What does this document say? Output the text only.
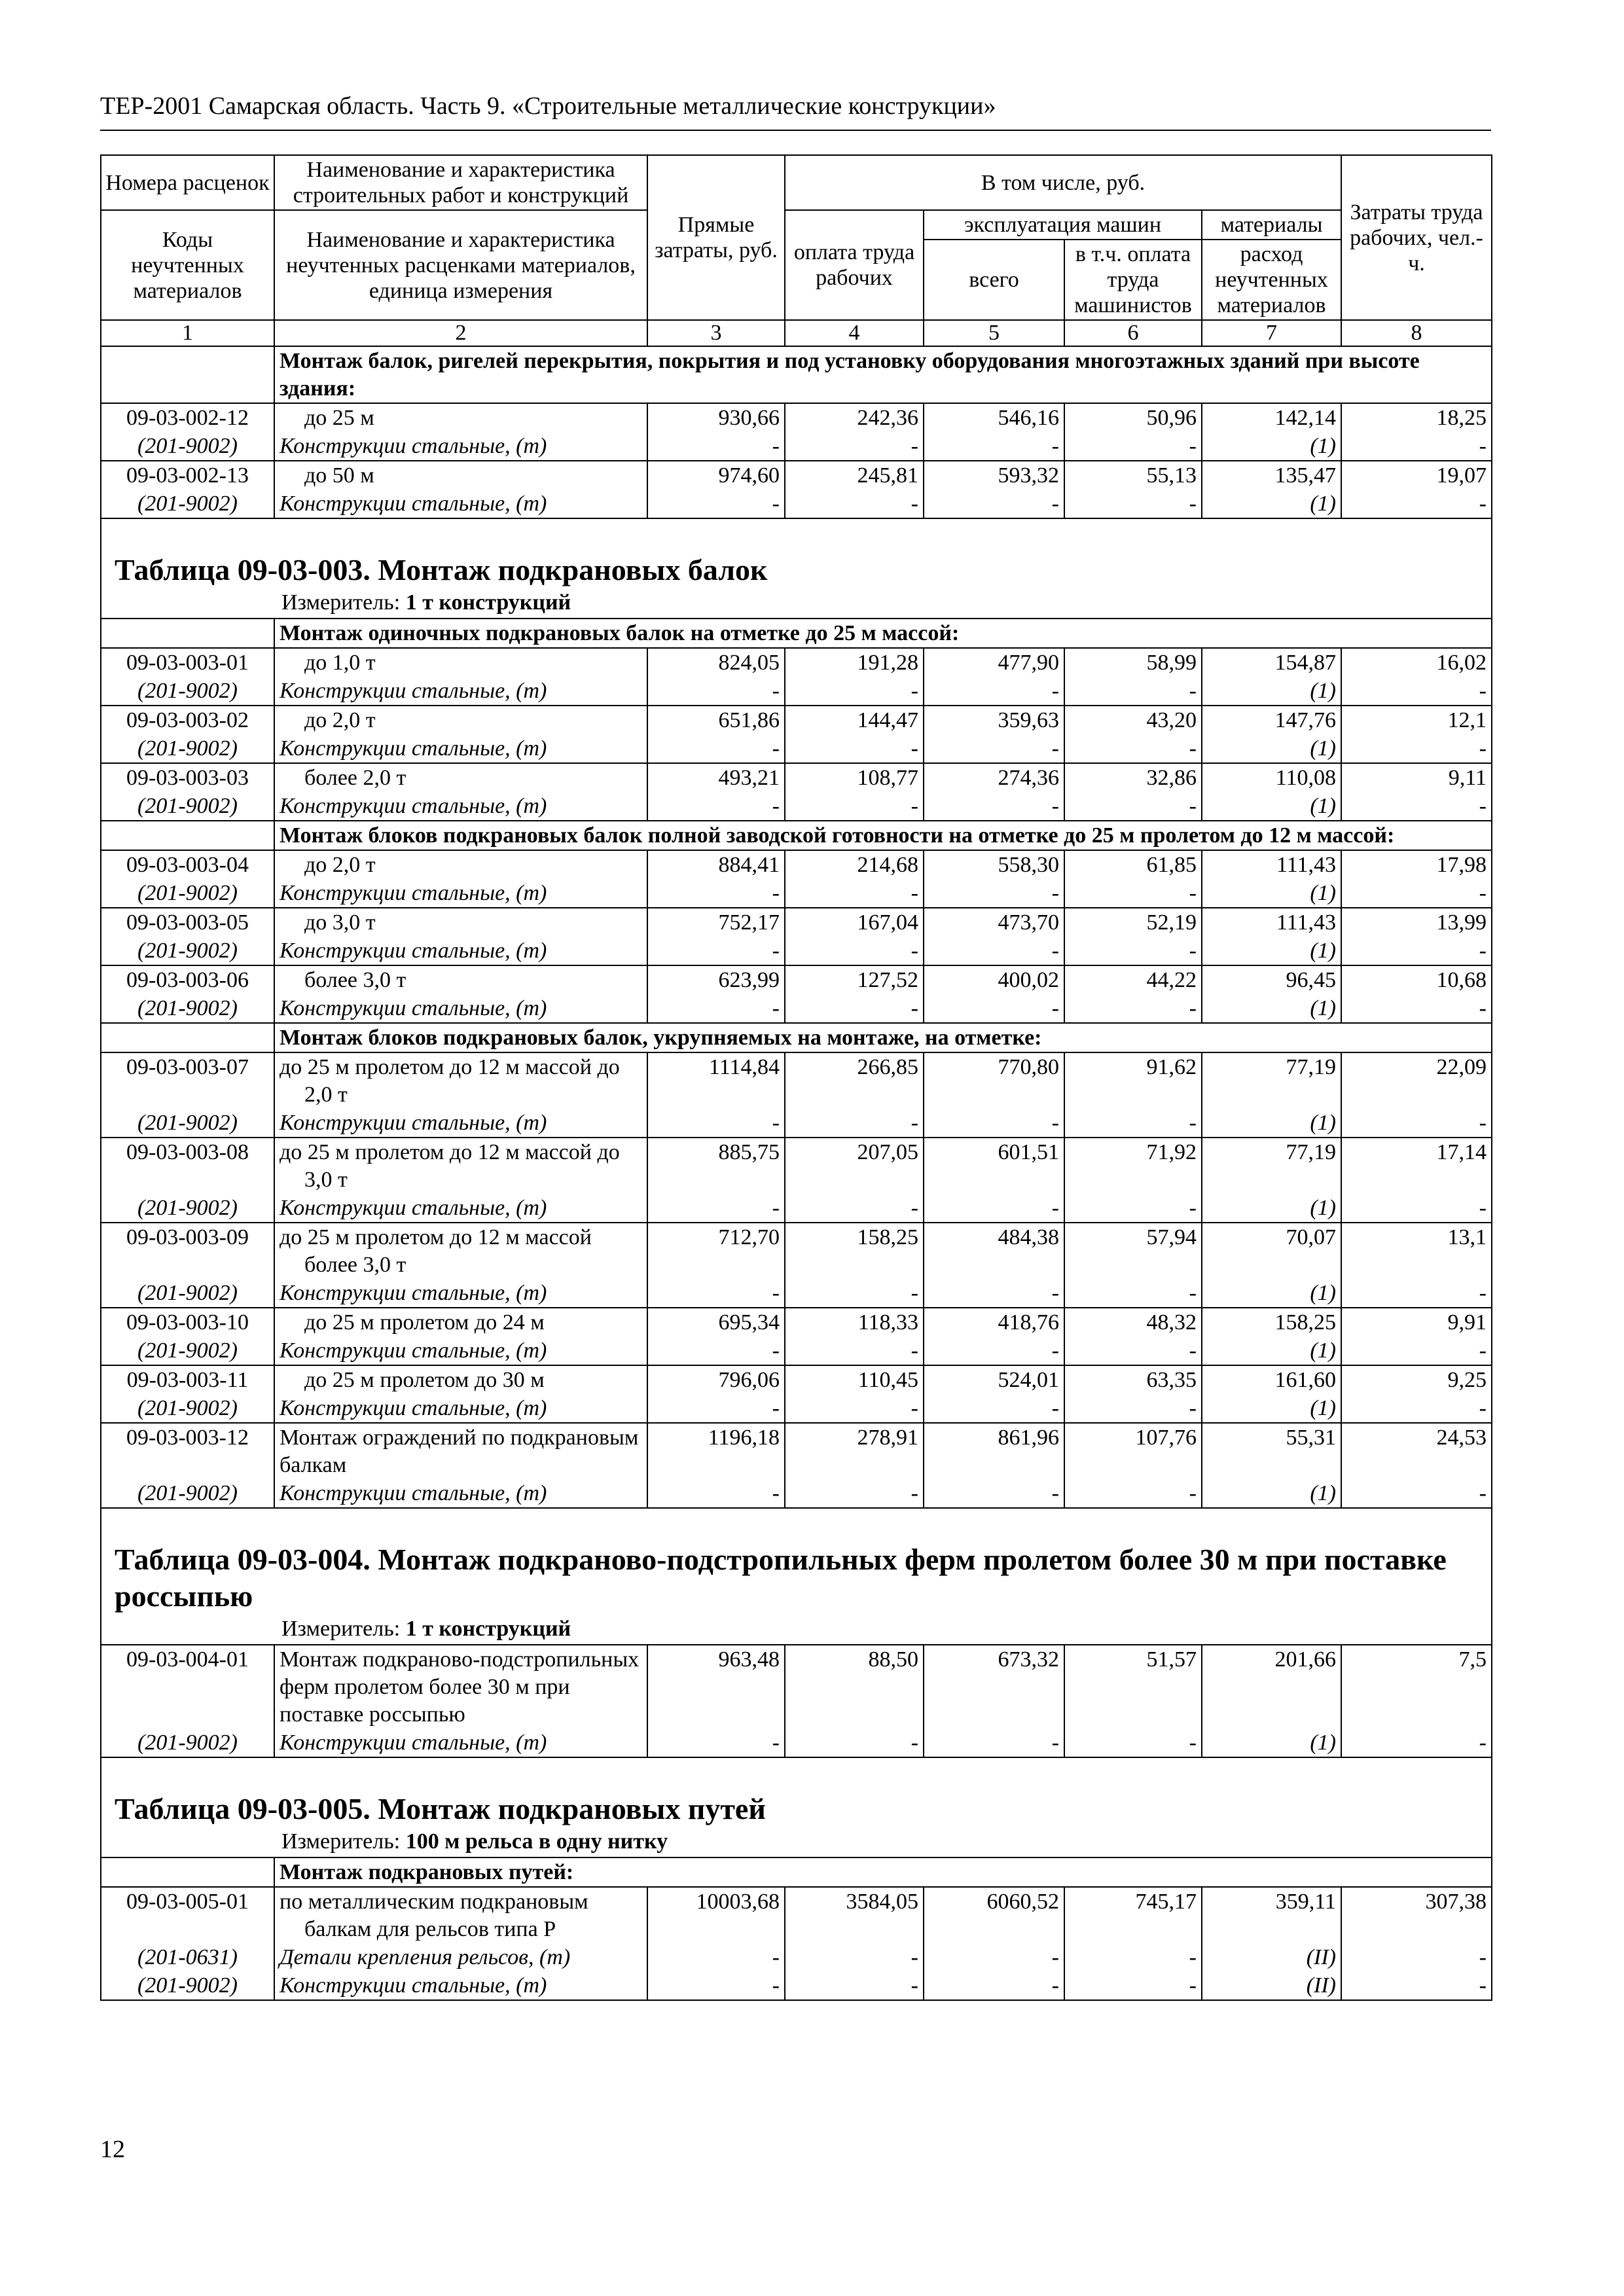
ТЕР-2001 Самарская область. Часть 9. «Строительные металлические конструкции»
Номера расценок	Наименование и характеристика строительных работ и конструкций	Прямые затраты, руб.	В том числе, руб.				Затраты труда рабочих, чел.-ч.
Коды неучтенных материалов	Наименование и характеристика неучтенных расценками материалов, единица измерения		оплата труда рабочих	эксплуатация машин		материалы	
				всего	в т.ч. оплата труда машинистов	расход неучтенных материалов	
1	2	3	4	5	6	7	8
	Монтаж балок, ригелей перекрытия, покрытия и под установку оборудования многоэтажных зданий при высоте здания:						
09-03-002-12	до 25 м	930,66	242,36	546,16	50,96	142,14	18,25
(201-9002)	Конструкции стальные, (т)	-	-	-	-	(1)	-
09-03-002-13	до 50 м	974,60	245,81	593,32	55,13	135,47	19,07
(201-9002)	Конструкции стальные, (т)	-	-	-	-	(1)	-
Таблица 09-03-003. Монтаж подкрановых балок							
Измеритель: 1 т конструкций							
	Монтаж одиночных подкрановых балок на отметке до 25 м массой:						
09-03-003-01	до 1,0 т	824,05	191,28	477,90	58,99	154,87	16,02
(201-9002)	Конструкции стальные, (т)	-	-	-	-	(1)	-
09-03-003-02	до 2,0 т	651,86	144,47	359,63	43,20	147,76	12,1
(201-9002)	Конструкции стальные, (т)	-	-	-	-	(1)	-
09-03-003-03	более 2,0 т	493,21	108,77	274,36	32,86	110,08	9,11
(201-9002)	Конструкции стальные, (т)	-	-	-	-	(1)	-
	Монтаж блоков подкрановых балок полной заводской готовности на отметке до 25 м пролетом до 12 м массой:						
09-03-003-04	до 2,0 т	884,41	214,68	558,30	61,85	111,43	17,98
(201-9002)	Конструкции стальные, (т)	-	-	-	-	(1)	-
09-03-003-05	до 3,0 т	752,17	167,04	473,70	52,19	111,43	13,99
(201-9002)	Конструкции стальные, (т)	-	-	-	-	(1)	-
09-03-003-06	более 3,0 т	623,99	127,52	400,02	44,22	96,45	10,68
(201-9002)	Конструкции стальные, (т)	-	-	-	-	(1)	-
	Монтаж блоков подкрановых балок, укрупняемых на монтаже, на отметке:						
09-03-003-07	до 25 м пролетом до 12 м массой до 2,0 т	1114,84	266,85	770,80	91,62	77,19	22,09
(201-9002)	Конструкции стальные, (т)	-	-	-	-	(1)	-
09-03-003-08	до 25 м пролетом до 12 м массой до 3,0 т	885,75	207,05	601,51	71,92	77,19	17,14
(201-9002)	Конструкции стальные, (т)	-	-	-	-	(1)	-
09-03-003-09	до 25 м пролетом до 12 м массой более 3,0 т	712,70	158,25	484,38	57,94	70,07	13,1
(201-9002)	Конструкции стальные, (т)	-	-	-	-	(1)	-
09-03-003-10	до 25 м пролетом до 24 м	695,34	118,33	418,76	48,32	158,25	9,91
(201-9002)	Конструкции стальные, (т)	-	-	-	-	(1)	-
09-03-003-11	до 25 м пролетом до 30 м	796,06	110,45	524,01	63,35	161,60	9,25
(201-9002)	Конструкции стальные, (т)	-	-	-	-	(1)	-
09-03-003-12	Монтаж ограждений по подкрановым балкам	1196,18	278,91	861,96	107,76	55,31	24,53
(201-9002)	Конструкции стальные, (т)	-	-	-	-	(1)	-
Таблица 09-03-004. Монтаж подкраново-подстропильных ферм пролетом более 30 м при поставке россыпью							
Измеритель: 1 т конструкций							
09-03-004-01	Монтаж подкраново-подстропильных ферм пролетом более 30 м при поставке россыпью	963,48	88,50	673,32	51,57	201,66	7,5
(201-9002)	Конструкции стальные, (т)	-	-	-	-	(1)	-
Таблица 09-03-005. Монтаж подкрановых путей							
Измеритель: 100 м рельса в одну нитку							
	Монтаж подкрановых путей:						
09-03-005-01	по металлическим подкрановым балкам для рельсов типа Р	10003,68	3584,05	6060,52	745,17	359,11	307,38
(201-0631)	Детали крепления рельсов, (т)	-	-	-	-	(II)	-
(201-9002)	Конструкции стальные, (т)	-	-	-	-	(II)	-
12
